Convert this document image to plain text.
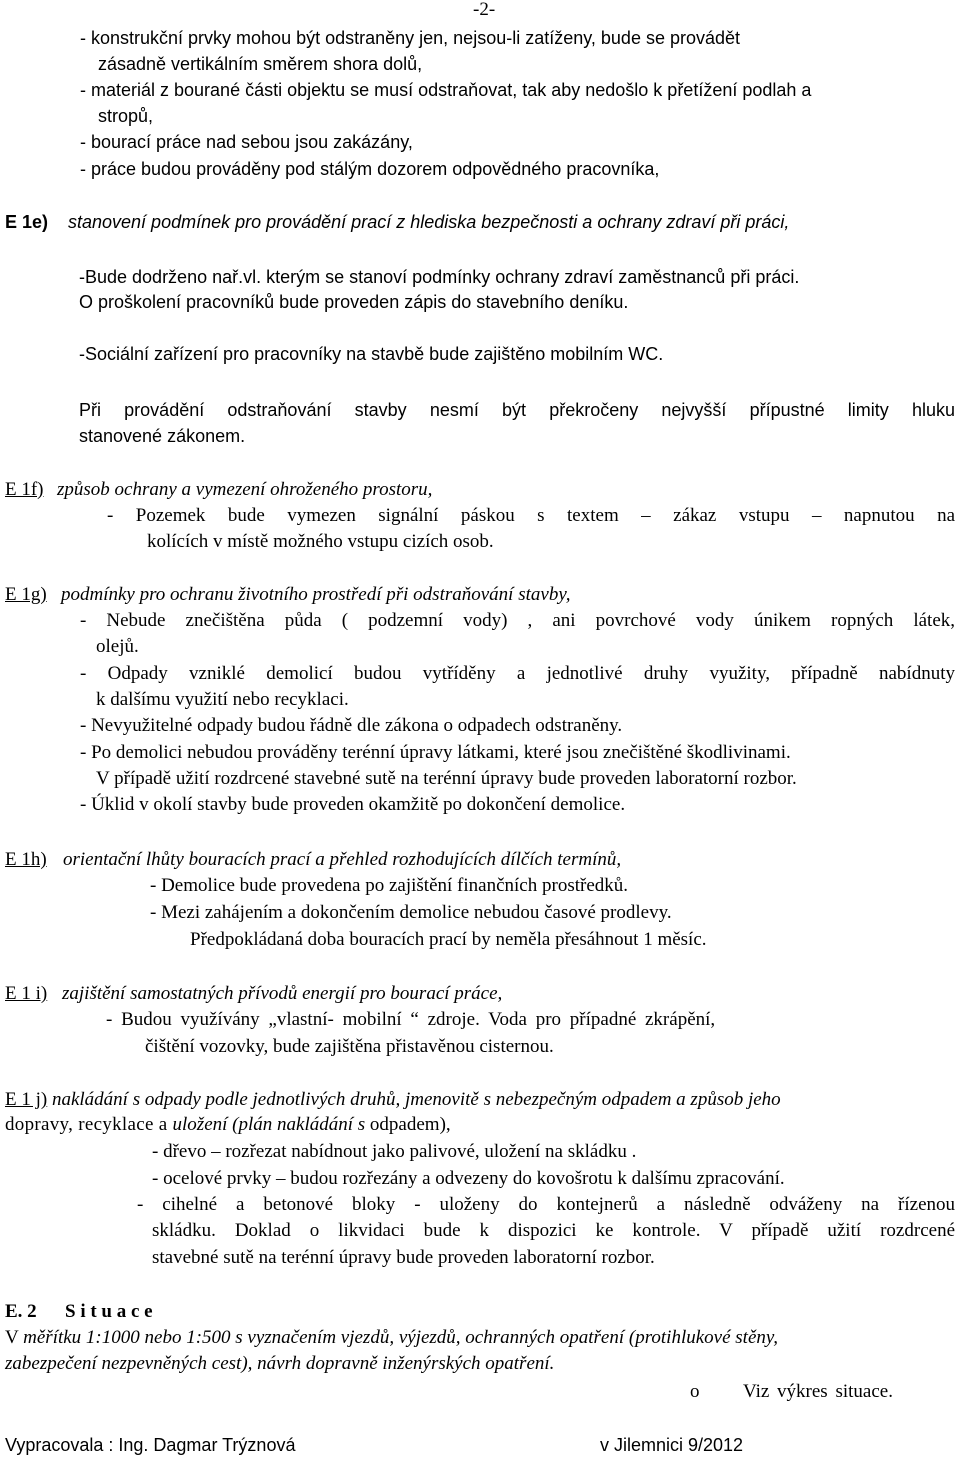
-2-
- konstrukční prvky mohou být odstraněny jen, nejsou-li zatíženy, bude se provádět
zásadně vertikálním směrem shora dolů,
- materiál z bourané části objektu se musí odstraňovat, tak aby nedošlo k přetížení podlah a
stropů,
- bourací práce nad sebou jsou zakázány,
- práce budou prováděny pod stálým dozorem odpovědného pracovníka,
E 1e) stanovení podmínek pro provádění prací z hlediska bezpečnosti a ochrany zdraví při práci,
-Bude dodrženo nař.vl. kterým se stanoví podmínky ochrany zdraví zaměstnanců při práci.
O proškolení pracovníků bude proveden zápis do stavebního deníku.
-Sociální zařízení pro pracovníky na stavbě bude zajištěno mobilním WC.
Při provádění odstraňování stavby nesmí být překročeny nejvyšší přípustné limity hluku
stanovené zákonem.
E 1f) způsob ochrany a vymezení ohroženého prostoru,
- Pozemek bude vymezen signální páskou s textem – zákaz vstupu – napnutou na
kolících v místě možného vstupu cizích osob.
E 1g) podmínky pro ochranu životního prostředí při odstraňování stavby,
- Nebude znečištěna půda ( podzemní vody) , ani povrchové vody únikem ropných látek,
olejů.
- Odpady vzniklé demolicí budou vytříděny a jednotlivé druhy využity, případně nabídnuty
k dalšímu využití nebo recyklaci.
- Nevyužitelné odpady budou řádně dle zákona o odpadech odstraněny.
- Po demolici nebudou prováděny terénní úpravy látkami, které jsou znečištěné škodlivinami.
V případě užití rozdrcené stavebné sutě na terénní úpravy bude proveden laboratorní rozbor.
- Úklid v okolí stavby bude proveden okamžitě po dokončení demolice.
E 1h) orientační lhůty bouracích prací a přehled rozhodujících dílčích termínů,
- Demolice bude provedena po zajištění finančních prostředků.
- Mezi zahájením a dokončením demolice nebudou časové prodlevy.
Předpokládaná doba bouracích prací by neměla přesáhnout 1 měsíc.
E 1 i) zajištění samostatných přívodů energií pro bourací práce,
- Budou využívány „vlastní- mobilní “ zdroje. Voda pro případné zkrápění,
čištění vozovky, bude zajištěna přistavěnou cisternou.
E 1 j) nakládání s odpady podle jednotlivých druhů, jmenovitě s nebezpečným odpadem a způsob jeho
dopravy, recyklace a uložení (plán nakládání s odpadem),
- dřevo – rozřezat nabídnout jako palivové, uložení na skládku .
- ocelové prvky – budou rozřezány a odvezeny do kovošrotu k dalšímu zpracování.
- cihelné a betonové bloky - uloženy do kontejnerů a následně odváženy na řízenou
skládku. Doklad o likvidaci bude k dispozici ke kontrole. V případě užití rozdrcené
stavebné sutě na terénní úpravy bude proveden laboratorní rozbor.
E. 2 S i t u a c e
V měřítku 1:1000 nebo 1:500 s vyznačením vjezdů, výjezdů, ochranných opatření (protihlukové stěny,
zabezpečení nezpevněných cest), návrh dopravně inženýrských opatření.
o Viz výkres situace.
Vypracovala : Ing. Dagmar Trýznová	v Jilemnici 9/2012
